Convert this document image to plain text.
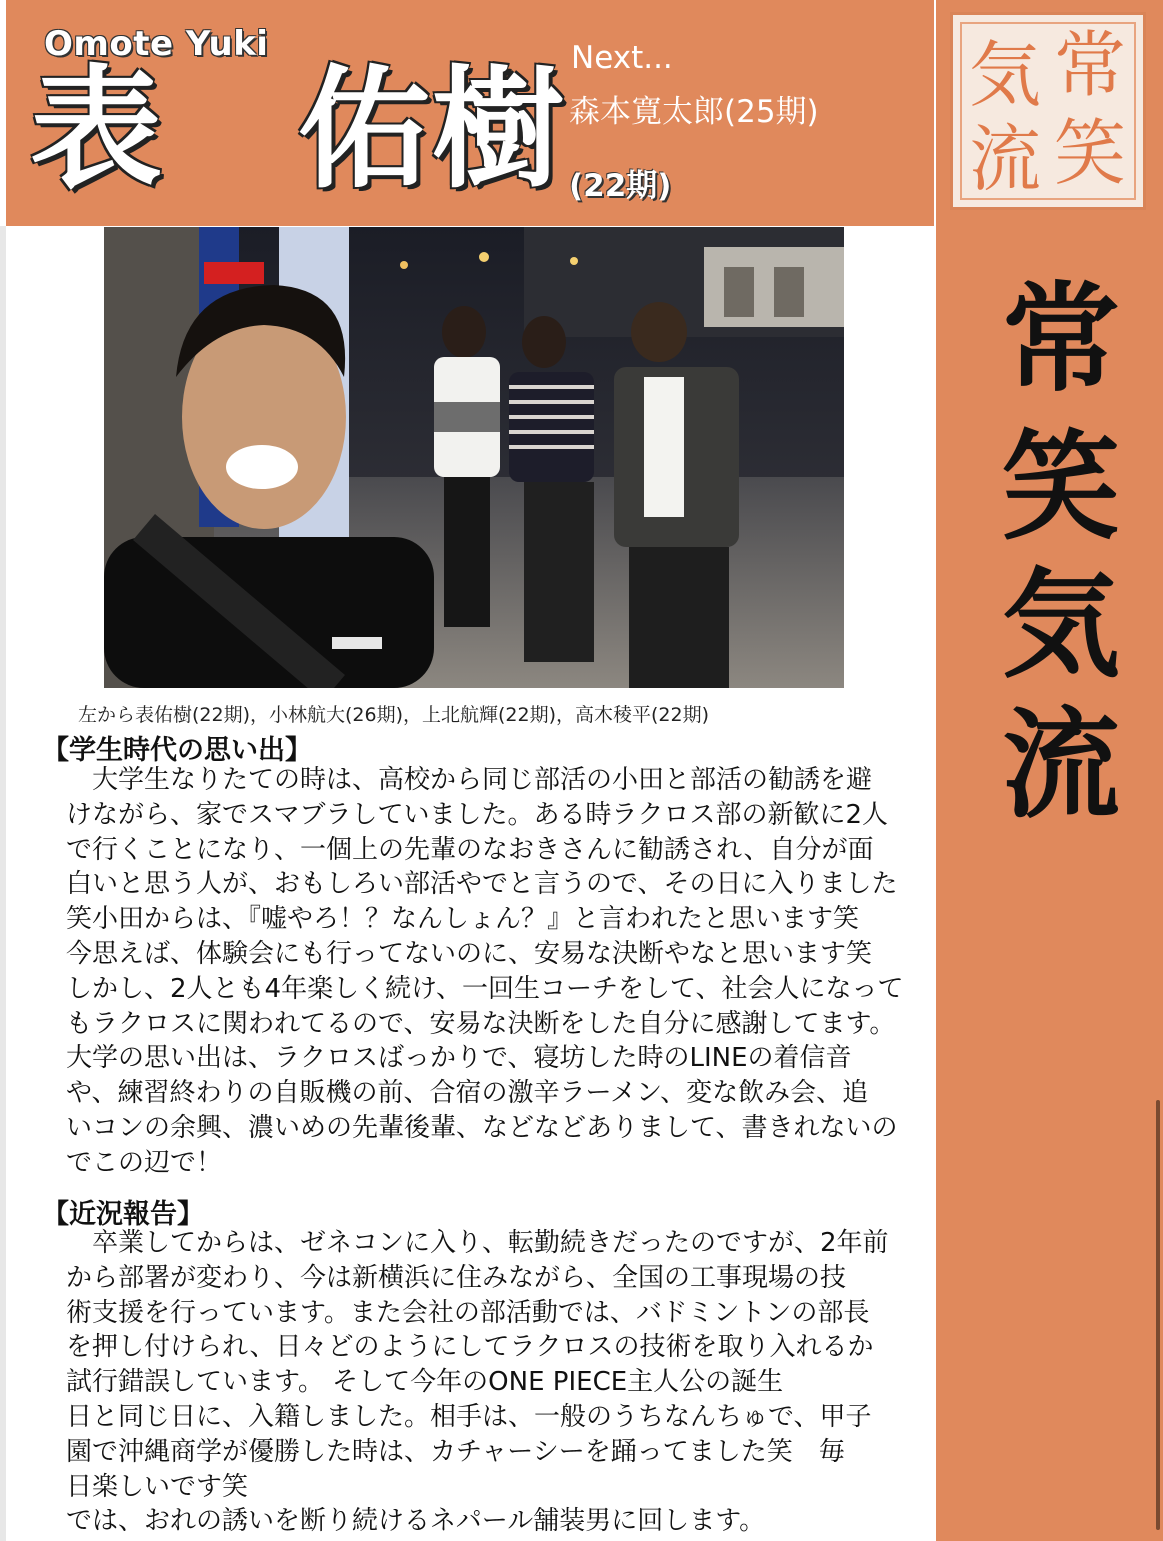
Omote Yuki
表　佑樹 Next...
森本寛太郎(25期)
(22期)
常
気
笑
流
常
笑
気
流
左から表佑樹(22期)，小林航大(26期)，上北航輝(22期)，高木稜平(22期)
【学生時代の思い出】
　大学生なりたての時は、高校から同じ部活の小田と部活の勧誘を避
けながら、家でスマブラしていました。ある時ラクロス部の新歓に2人
で行くことになり、一個上の先輩のなおきさんに勧誘され、自分が面
白いと思う人が、おもしろい部活やでと言うので、その日に入りました
笑小田からは、『嘘やろ！？なんしょん？』と言われたと思います笑
今思えば、体験会にも行ってないのに、安易な決断やなと思います笑
しかし、2人とも4年楽しく続け、一回生コーチをして、社会人になって
もラクロスに関われてるので、安易な決断をした自分に感謝してます。
大学の思い出は、ラクロスばっかりで、寝坊した時のLINEの着信音
や、練習終わりの自販機の前、合宿の激辛ラーメン、変な飲み会、追
いコンの余興、濃いめの先輩後輩、などなどありまして、書きれないの
でこの辺で！
【近況報告】
　卒業してからは、ゼネコンに入り、転勤続きだったのですが、2年前
から部署が変わり、今は新横浜に住みながら、全国の工事現場の技
術支援を行っています。また会社の部活動では、バドミントンの部長
を押し付けられ、日々どのようにしてラクロスの技術を取り入れるか
試行錯誤しています。 そして今年のONE PIECE主人公の誕生
日と同じ日に、入籍しました。相手は、一般のうちなんちゅで、甲子
園で沖縄商学が優勝した時は、カチャーシーを踊ってました笑　毎
日楽しいです笑
では、おれの誘いを断り続けるネパール舗装男に回します。
